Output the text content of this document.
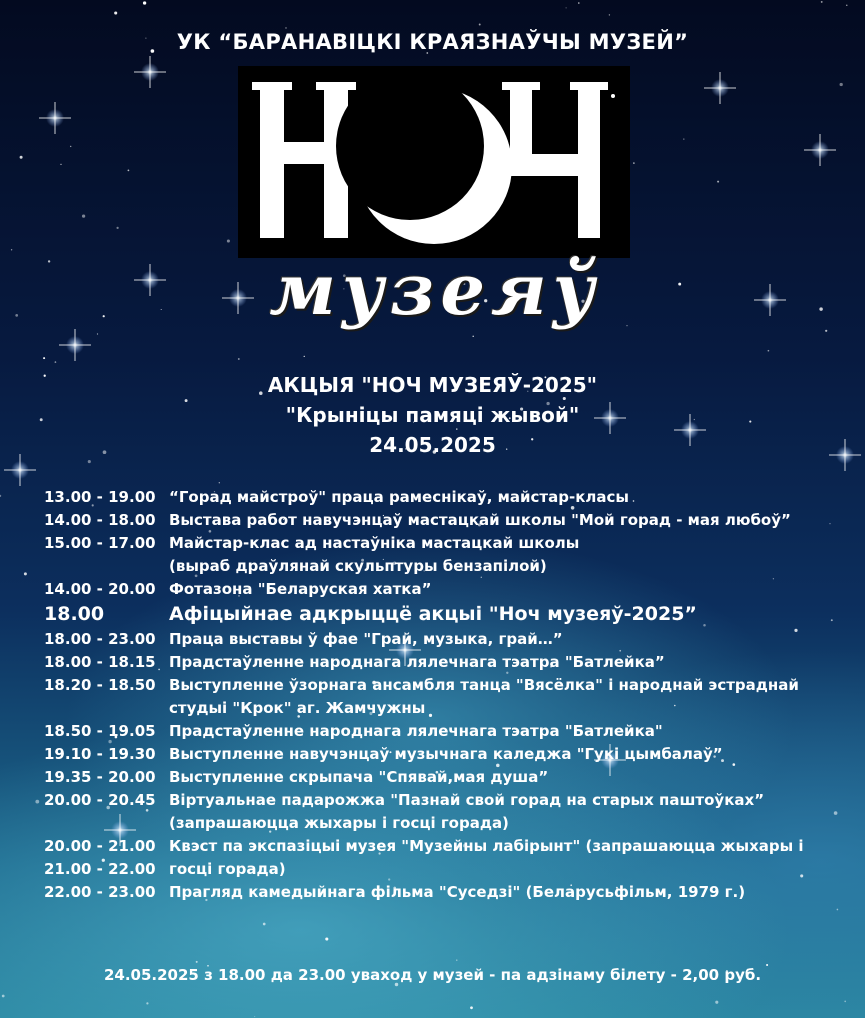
УК “БАРАНАВІЦКІ КРАЯЗНАЎЧЫ МУЗЕЙ”
музеяў
АКЦЫЯ "НОЧ МУЗЕЯЎ-2025"
"Крыніцы памяці жывой"
24.05.2025
13.00 - 19.00 “Горад майстроў" праца рамеснікаў, майстар-класы
14.00 - 18.00 Выстава работ навучэнцаў мастацкай школы "Мой горад - мая любоў”
15.00 - 17.00 Майстар-клас ад настаўніка мастацкай школы
(выраб драўлянай скульптуры бензапілой)
14.00 - 20.00 Фотазона "Беларуская хатка”
18.00	Афіцыйнае адкрыццё акцыі "Ноч музеяў-2025”
18.00 - 23.00 Праца выставы ў фае "Грай, музыка, грай…”
18.00 - 18.15 Прадстаўленне народнага лялечнага тэатра "Батлейка”
18.20 - 18.50 Выступленне ўзорнага ансамбля танца "Вясёлка" і народнай эстраднай
студыі "Крок" аг. Жамчужны
18.50 - 19.05 Прадстаўленне народнага лялечнага тэатра "Батлейка"
19.10 - 19.30 Выступленне навучэнцаў музычнага каледжа "Гукі цымбалаў”
19.35 - 20.00 Выступленне скрыпача "Спявай,мая душа”
20.00 - 20.45 Віртуальнае падарожжа "Пазнай свой горад на старых паштоўках”
(запрашаюцца жыхары і госці горада)
20.00 - 21.00 Квэст па экспазіцыі музея "Музейны лабірынт" (запрашаюцца жыхары і
21.00 - 22.00 госці горада)
22.00 - 23.00 Прагляд камедыйнага фільма "Суседзі" (Беларусьфільм, 1979 г.)
24.05.2025 з 18.00 да 23.00 уваход у музей - па адзінаму білету - 2,00 руб.
